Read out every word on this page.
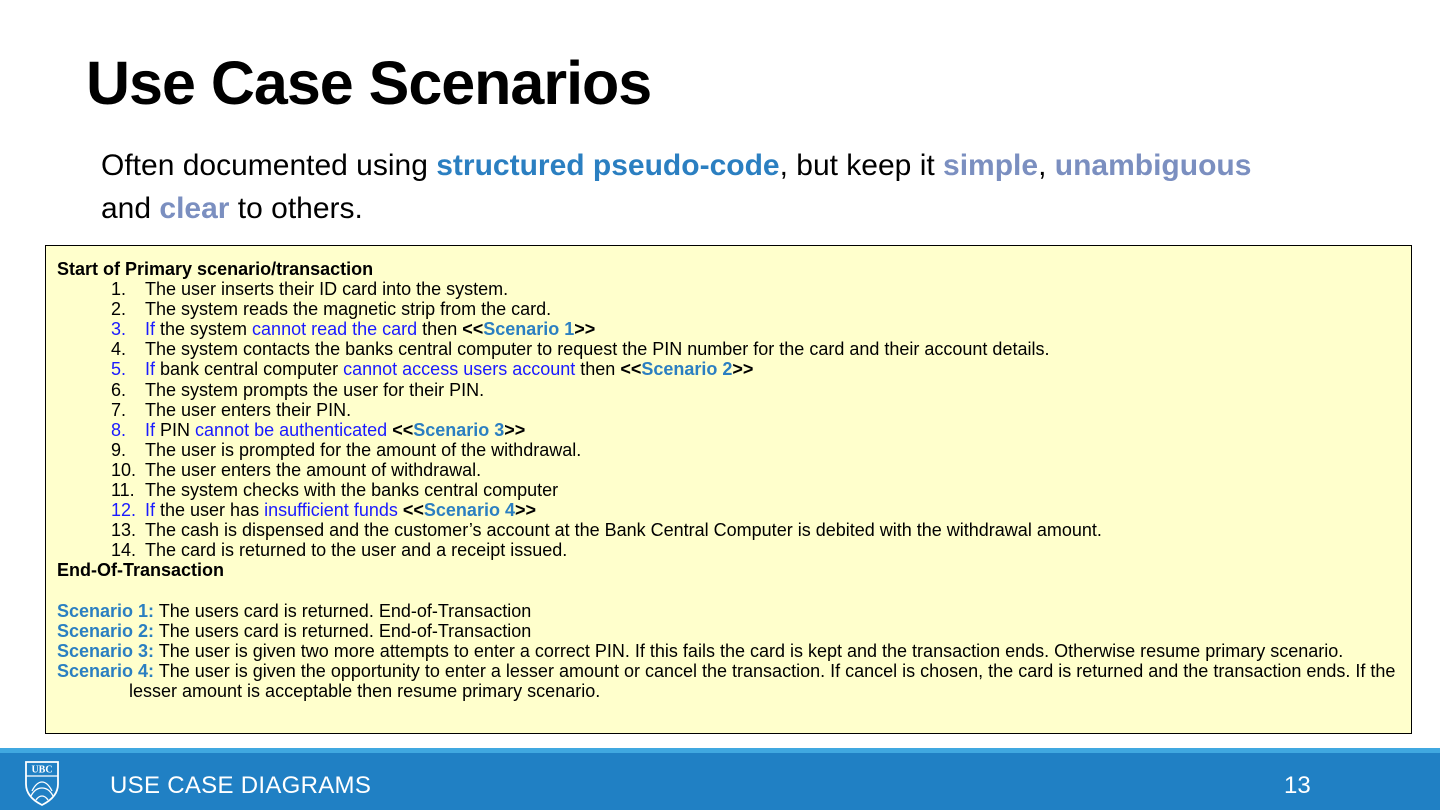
Use Case Scenarios
Often documented using structured pseudo-code, but keep it simple, unambiguous
and clear to others.
Start of Primary scenario/transaction
1.	The user inserts their ID card into the system.
2.	The system reads the magnetic strip from the card.
3.	If the system cannot read the card then <<Scenario 1>>
4.	The system contacts the banks central computer to request the PIN number for the card and their account details.
5.	If bank central computer cannot access users account then <<Scenario 2>>
6.	The system prompts the user for their PIN.
7.	The user enters their PIN.
8.	If PIN cannot be authenticated <<Scenario 3>>
9.	The user is prompted for the amount of the withdrawal.
10. The user enters the amount of withdrawal.
11. The system checks with the banks central computer
12. If the user has insufficient funds <<Scenario 4>>
13. The cash is dispensed and the customer’s account at the Bank Central Computer is debited with the withdrawal amount.
14. The card is returned to the user and a receipt issued.
End-Of-Transaction
Scenario 1: The users card is returned. End-of-Transaction
Scenario 2: The users card is returned. End-of-Transaction
Scenario 3: The user is given two more attempts to enter a correct PIN. If this fails the card is kept and the transaction ends. Otherwise resume primary scenario.
Scenario 4: The user is given the opportunity to enter a lesser amount or cancel the transaction. If cancel is chosen, the card is returned and the transaction ends. If the lesser amount is acceptable then resume primary scenario.
UBC
USE CASE DIAGRAMS	13
